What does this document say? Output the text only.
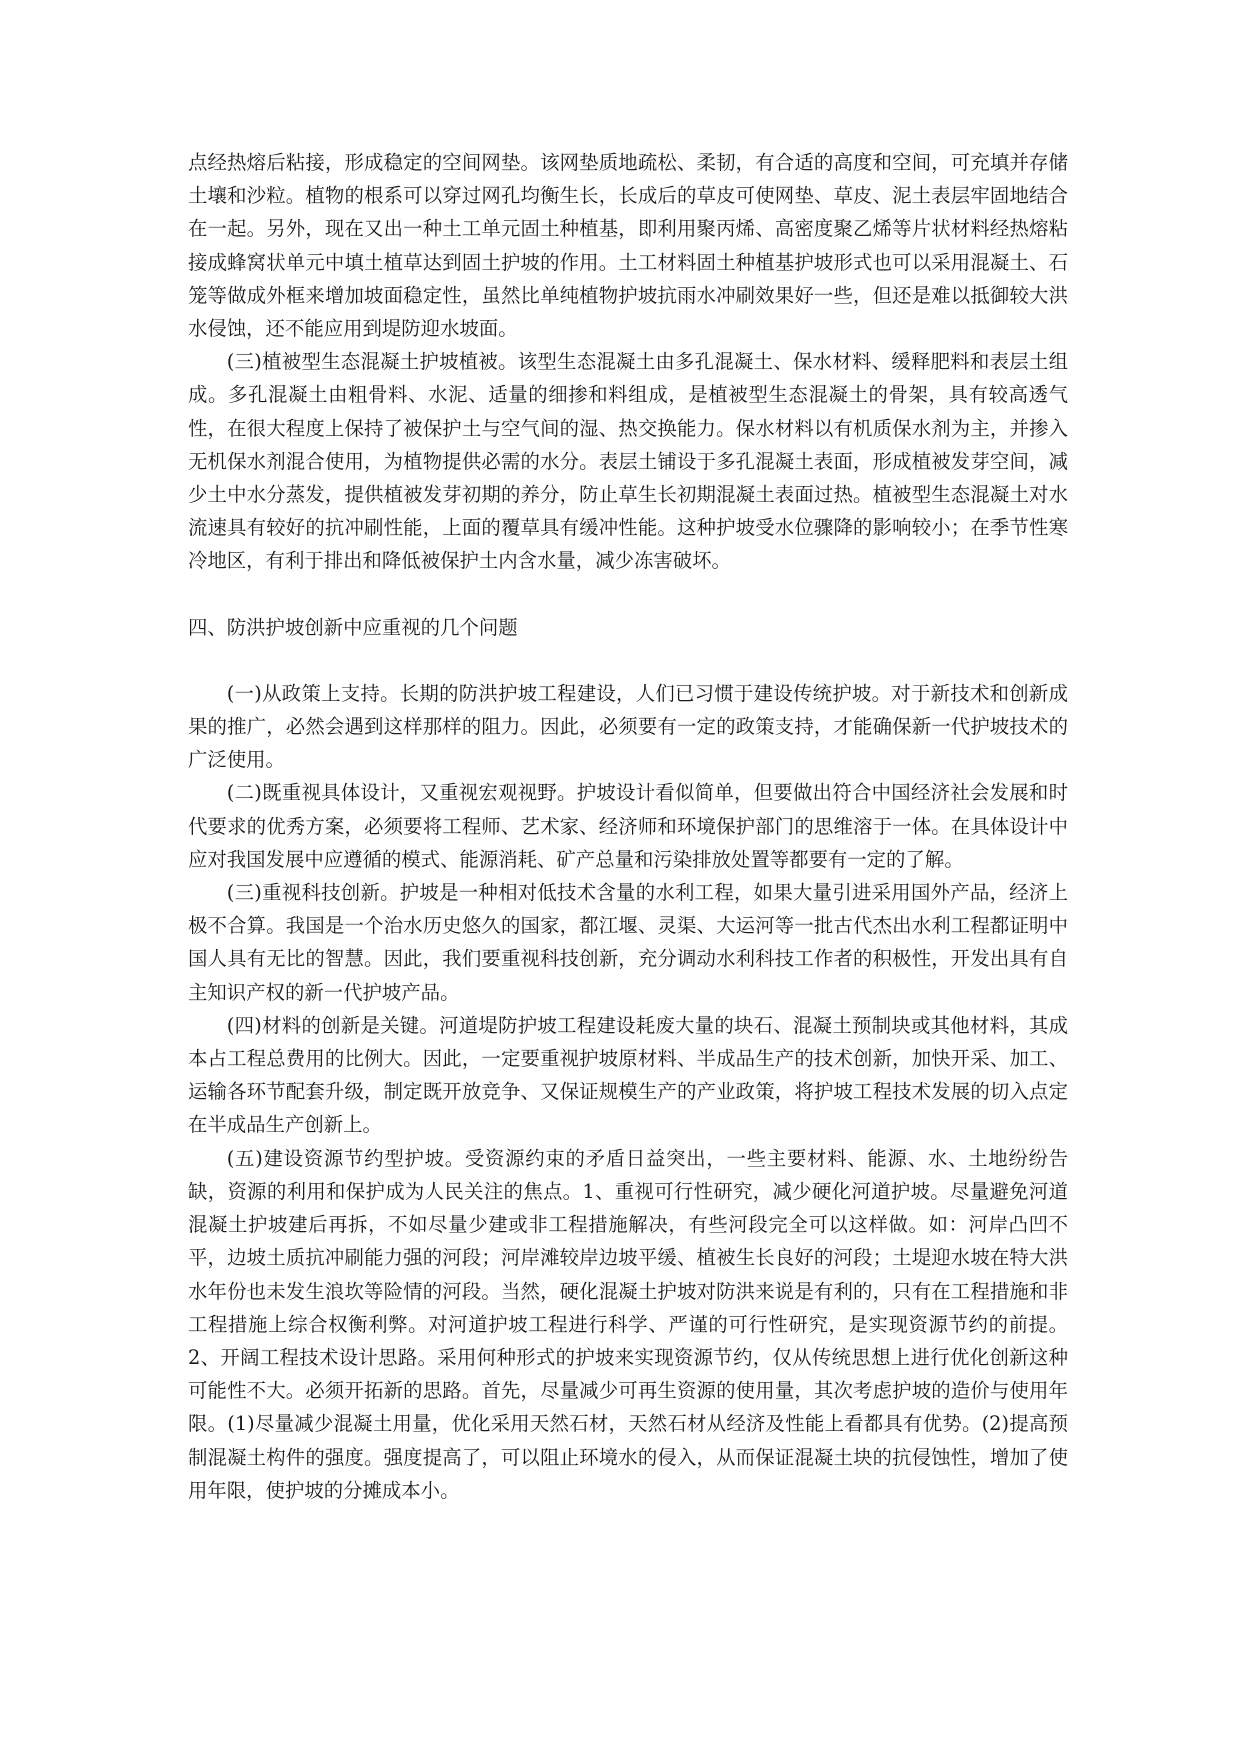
点经热熔后粘接，形成稳定的空间网垫。该网垫质地疏松、柔韧，有合适的高度和空间，可充填并存储土壤和沙粒。植物的根系可以穿过网孔均衡生长，长成后的草皮可使网垫、草皮、泥土表层牢固地结合在一起。另外，现在又出一种土工单元固土种植基，即利用聚丙烯、高密度聚乙烯等片状材料经热熔粘接成蜂窝状单元中填土植草达到固土护坡的作用。土工材料固土种植基护坡形式也可以采用混凝土、石笼等做成外框来增加坡面稳定性，虽然比单纯植物护坡抗雨水冲刷效果好一些，但还是难以抵御较大洪水侵蚀，还不能应用到堤防迎水坡面。

(三)植被型生态混凝土护坡植被。该型生态混凝土由多孔混凝土、保水材料、缓释肥料和表层土组成。多孔混凝土由粗骨料、水泥、适量的细掺和料组成，是植被型生态混凝土的骨架，具有较高透气性，在很大程度上保持了被保护土与空气间的湿、热交换能力。保水材料以有机质保水剂为主，并掺入无机保水剂混合使用，为植物提供必需的水分。表层土铺设于多孔混凝土表面，形成植被发芽空间，减少土中水分蒸发，提供植被发芽初期的养分，防止草生长初期混凝土表面过热。植被型生态混凝土对水流速具有较好的抗冲刷性能，上面的覆草具有缓冲性能。这种护坡受水位骤降的影响较小；在季节性寒冷地区，有利于排出和降低被保护土内含水量，减少冻害破坏。

四、防洪护坡创新中应重视的几个问题

(一)从政策上支持。长期的防洪护坡工程建设，人们已习惯于建设传统护坡。对于新技术和创新成果的推广，必然会遇到这样那样的阻力。因此，必须要有一定的政策支持，才能确保新一代护坡技术的广泛使用。

(二)既重视具体设计，又重视宏观视野。护坡设计看似简单，但要做出符合中国经济社会发展和时代要求的优秀方案，必须要将工程师、艺术家、经济师和环境保护部门的思维溶于一体。在具体设计中应对我国发展中应遵循的模式、能源消耗、矿产总量和污染排放处置等都要有一定的了解。

(三)重视科技创新。护坡是一种相对低技术含量的水利工程，如果大量引进采用国外产品，经济上极不合算。我国是一个治水历史悠久的国家，都江堰、灵渠、大运河等一批古代杰出水利工程都证明中国人具有无比的智慧。因此，我们要重视科技创新，充分调动水利科技工作者的积极性，开发出具有自主知识产权的新一代护坡产品。

(四)材料的创新是关键。河道堤防护坡工程建设耗废大量的块石、混凝土预制块或其他材料，其成本占工程总费用的比例大。因此，一定要重视护坡原材料、半成品生产的技术创新，加快开采、加工、运输各环节配套升级，制定既开放竞争、又保证规模生产的产业政策，将护坡工程技术发展的切入点定在半成品生产创新上。

(五)建设资源节约型护坡。受资源约束的矛盾日益突出，一些主要材料、能源、水、土地纷纷告缺，资源的利用和保护成为人民关注的焦点。1、重视可行性研究，减少硬化河道护坡。尽量避免河道混凝土护坡建后再拆，不如尽量少建或非工程措施解决，有些河段完全可以这样做。如：河岸凸凹不平，边坡土质抗冲刷能力强的河段；河岸滩较岸边坡平缓、植被生长良好的河段；土堤迎水坡在特大洪水年份也未发生浪坎等险情的河段。当然，硬化混凝土护坡对防洪来说是有利的，只有在工程措施和非工程措施上综合权衡利弊。对河道护坡工程进行科学、严谨的可行性研究，是实现资源节约的前提。2、开阔工程技术设计思路。采用何种形式的护坡来实现资源节约，仅从传统思想上进行优化创新这种可能性不大。必须开拓新的思路。首先，尽量减少可再生资源的使用量，其次考虑护坡的造价与使用年限。(1)尽量减少混凝土用量，优化采用天然石材，天然石材从经济及性能上看都具有优势。(2)提高预制混凝土构件的强度。强度提高了，可以阻止环境水的侵入，从而保证混凝土块的抗侵蚀性，增加了使用年限，使护坡的分摊成本小。
